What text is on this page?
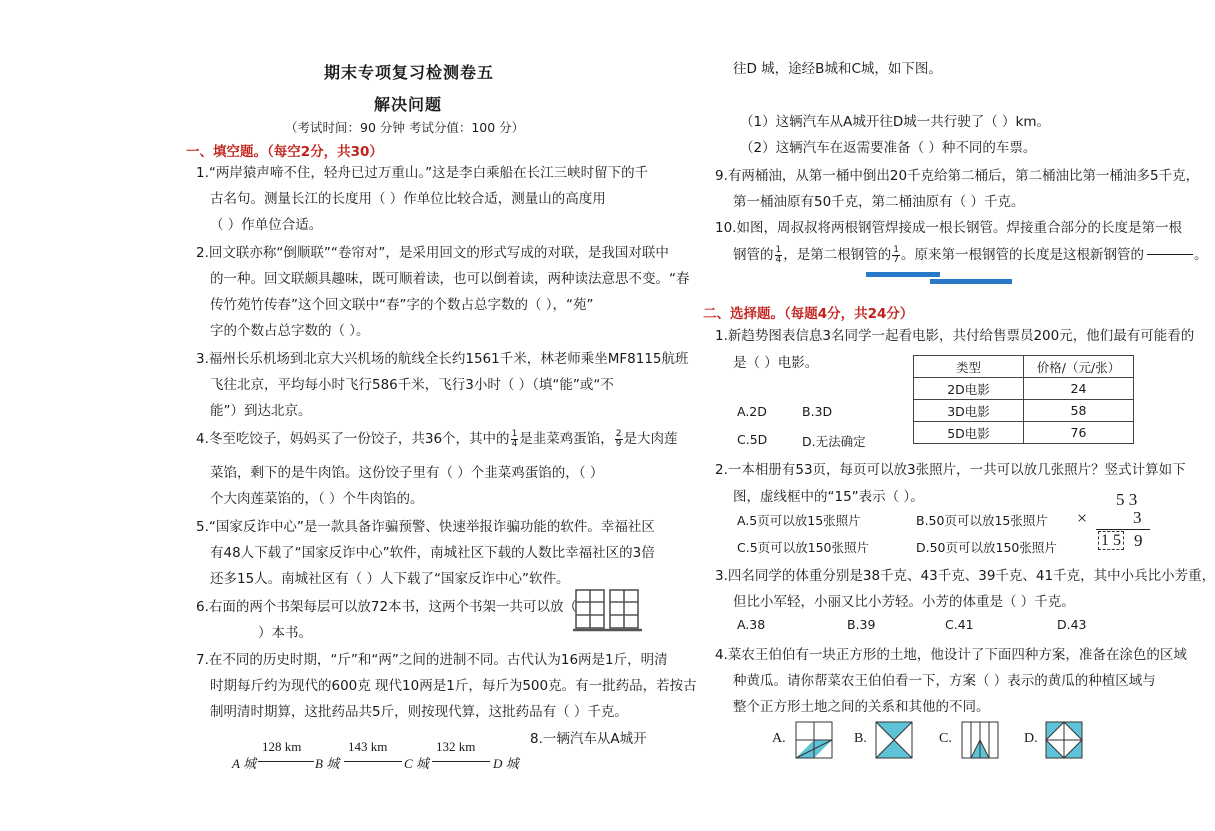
期末专项复习检测卷五
解决问题
（考试时间：90 分钟 考试分值：100 分）
一、填空题。（每空2分，共30）
1.“两岸猿声啼不住，轻舟已过万重山。”这是李白乘船在长江三峡时留下的千
古名句。测量长江的长度用（ ）作单位比较合适，测量山的高度用
（ ）作单位合适。
2.回文联亦称“倒顺联”“卷帘对”，是采用回文的形式写成的对联，是我国对联中
的一种。回文联颇具趣味，既可顺着读，也可以倒着读，两种读法意思不变。“春
传竹苑竹传春”这个回文联中“春”字的个数占总字数的（ ），“苑”
字的个数占总字数的（ ）。
3.福州长乐机场到北京大兴机场的航线全长约1561千米，林老师乘坐MF8115航班
飞往北京，平均每小时飞行586千米，飞行3小时（ ）（填“能”或“不
能”）到达北京。
4.冬至吃饺子，妈妈买了一份饺子，共36个，其中的 $\frac{1}{4}$ 是韭菜鸡蛋馅， $\frac{2}{9}$ 是大肉莲
菜馅，剩下的是牛肉馅。这份饺子里有（ ）个韭菜鸡蛋馅的，（ ）
个大肉莲菜馅的，（ ）个牛肉馅的。
5.“国家反诈中心”是一款具备诈骗预警、快速举报诈骗功能的软件。幸福社区
有48人下载了“国家反诈中心”软件，南城社区下载的人数比幸福社区的3倍
还多15人。南城社区有（ ）人下载了“国家反诈中心”软件。
6.右面的两个书架每层可以放72本书，这两个书架一共可以放（
）本书。
7.在不同的历史时期，“斤”和“两”之间的进制不同。古代认为16两是1斤，明清
时期每斤约为现代的600克 现代10两是1斤，每斤为500克。有一批药品，若按古
制明清时期算，这批药品共5斤，则按现代算，这批药品有（ ）千克。
8.一辆汽车从A城开
128 km	143 km	132 km
A 城	B 城	C 城	D 城
往D 城，途经B城和C城，如下图。
（1）这辆汽车从A城开往D城一共行驶了（ ）km。
（2）这辆汽车在返需要准备（ ）种不同的车票。
9.有两桶油，从第一桶中倒出20千克给第二桶后，第二桶油比第一桶油多5千克，
第一桶油原有50千克，第二桶油原有（ ）千克。
10.如图，周叔叔将两根钢管焊接成一根长钢管。焊接重合部分的长度是第一根
钢管的 $\frac{1}{4}$ ，是第二根钢管的 $\frac{1}{7}$ 。原来第一根钢管的长度是这根新钢管的

	。
二、选择题。（每题4分，共24分）
1.新趋势图表信息3名同学一起看电影，共付给售票员200元，他们最有可能看的
是（ ）电影。
A.2D	B.3D
C.5D	D.无法确定
类型	价格/（元/张）
2D电影	24
3D电影	58
5D电影	76
2.一本相册有53页，每页可以放3张照片，一共可以放几张照片？竖式计算如下
图，虚线框中的“15”表示（ ）。
A.5页可以放15张照片	B.50页可以放15张照片
C.5页可以放150张照片	D.50页可以放150张照片
5 3
×	3
1 5 9
3.四名同学的体重分别是38千克、43千克、39千克、41千克，其中小兵比小芳重，
但比小军轻，小丽又比小芳轻。小芳的体重是（ ）千克。
A.38	B.39	C.41	D.43
4.菜农王伯伯有一块正方形的土地，他设计了下面四种方案，准备在涂色的区域
种黄瓜。请你帮菜农王伯伯看一下，方案（ ）表示的黄瓜的种植区域与
整个正方形土地之间的关系和其他的不同。
A.	B.	C.	D.
